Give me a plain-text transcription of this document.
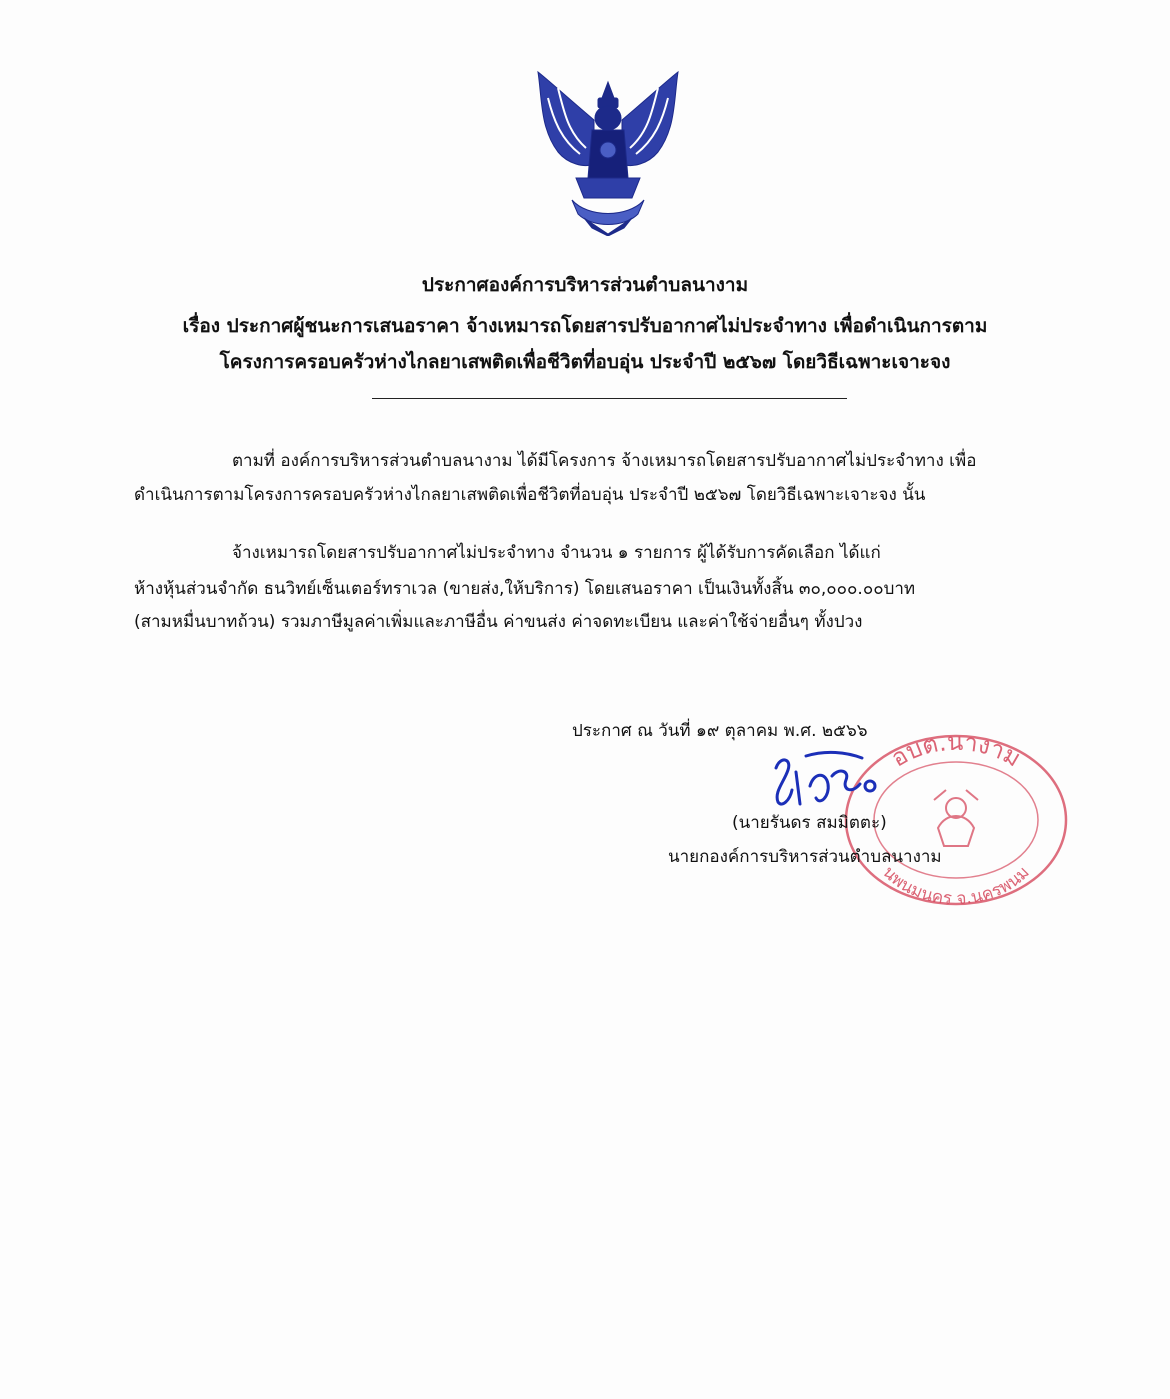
ประกาศองค์การบริหารส่วนตำบลนางาม
เรื่อง ประกาศผู้ชนะการเสนอราคา จ้างเหมารถโดยสารปรับอากาศไม่ประจำทาง เพื่อดำเนินการตาม
โครงการครอบครัวห่างไกลยาเสพติดเพื่อชีวิตที่อบอุ่น ประจำปี ๒๕๖๗ โดยวิธีเฉพาะเจาะจง
ตามที่ องค์การบริหารส่วนตำบลนางาม ได้มีโครงการ จ้างเหมารถโดยสารปรับอากาศไม่ประจำทาง เพื่อ
ดำเนินการตามโครงการครอบครัวห่างไกลยาเสพติดเพื่อชีวิตที่อบอุ่น ประจำปี ๒๕๖๗ โดยวิธีเฉพาะเจาะจง นั้น
จ้างเหมารถโดยสารปรับอากาศไม่ประจำทาง จำนวน ๑ รายการ ผู้ได้รับการคัดเลือก ได้แก่
ห้างหุ้นส่วนจำกัด ธนวิทย์เซ็นเตอร์ทราเวล (ขายส่ง,ให้บริการ) โดยเสนอราคา เป็นเงินทั้งสิ้น ๓๐,๐๐๐.๐๐บาท
(สามหมื่นบาทถ้วน) รวมภาษีมูลค่าเพิ่มและภาษีอื่น ค่าขนส่ง ค่าจดทะเบียน และค่าใช้จ่ายอื่นๆ ทั้งปวง
ประกาศ ณ วันที่ ๑๙ ตุลาคม พ.ศ. ๒๕๖๖
อบต.นางาม
นพนมนคร จ.นครพนม
(นายรันดร สมมิตตะ)
นายกองค์การบริหารส่วนตำบลนางาม
